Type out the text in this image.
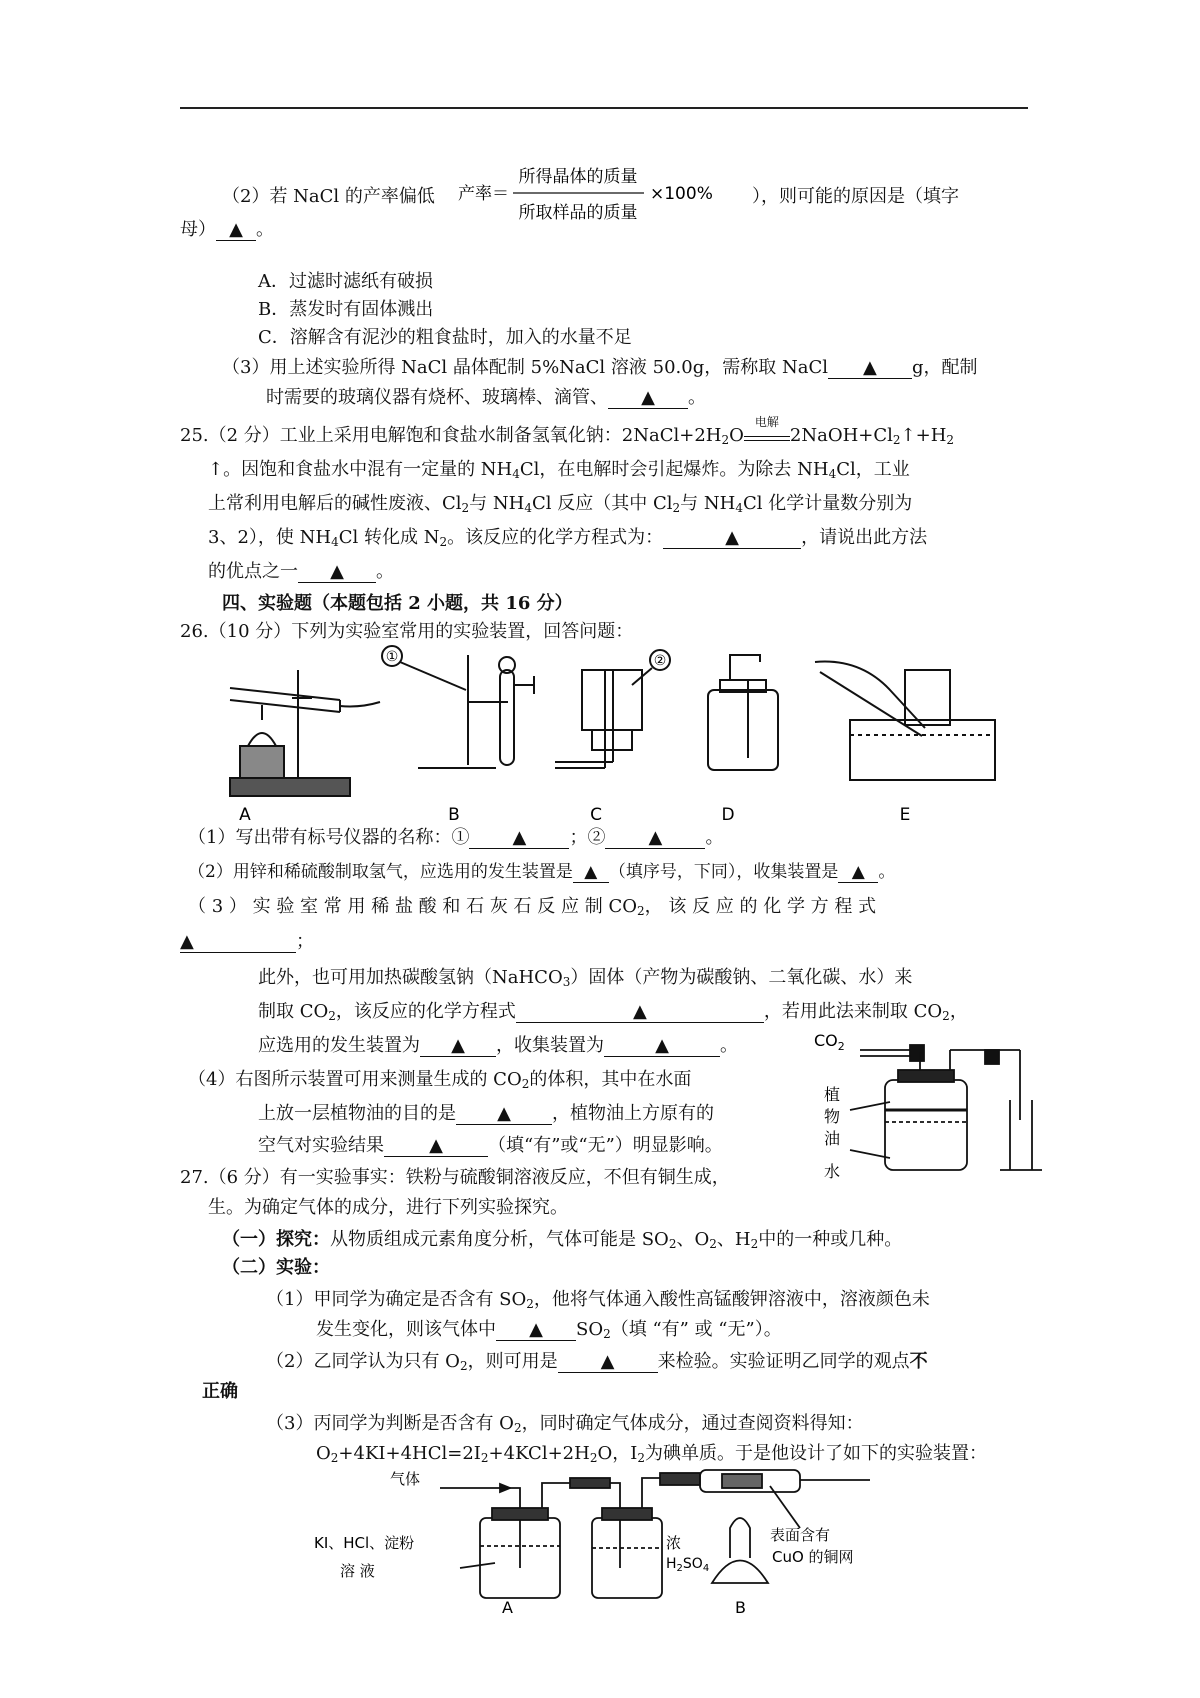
（2）若 NaCl 的产率偏低 产率＝
所得晶体的质量
所取样品的质量
×100% ），则可能的原因是（填字
母） ▲ 。
A．过滤时滤纸有破损
B．蒸发时有固体溅出
C．溶解含有泥沙的粗食盐时，加入的水量不足
（3）用上述实验所得 NaCl 晶体配制 5%NaCl 溶液 50.0g，需称取 NaCl ▲ g，配制
时需要的玻璃仪器有烧杯、玻璃棒、滴管、 ▲ 。
25.（2 分）工业上采用电解饱和食盐水制备氢氧化钠：$2NaCl+2H_2O$
电解
$2NaOH+Cl_2↑+H_2$
↑。因饱和食盐水中混有一定量的 $NH_4Cl$，在电解时会引起爆炸。为除去 $NH_4Cl$，工业
上常利用电解后的碱性废液、$Cl_2$与 $NH_4Cl$ 反应（其中 $Cl_2$与 $NH_4Cl$ 化学计量数分别为
3、2），使 $NH_4Cl$ 转化成 $N_2$。该反应的化学方程式为：	▲	，请说出此方法
的优点之一 ▲ 。
四、实验题（本题包括 2 小题，共 16 分）
26.（10 分）下列为实验室常用的实验装置，回答问题：
①	②
A	B	C	D	E
（1）写出带有标号仪器的名称：① ▲ ；② ▲ 。
（2）用锌和稀硫酸制取氢气，应选用的发生装置是 ▲ （填序号，下同），收集装置是 ▲ 。
（ 3 ） 实 验 室 常 用 稀 盐 酸 和 石 灰 石 反 应 制 $CO_2$， 该 反 应 的 化 学 方 程 式
▲	；
此外，也可用加热碳酸氢钠（NaHCO$_3$）固体（产物为碳酸钠、二氧化碳、水）来
制取 $CO_2$，该反应的化学方程式	▲	，若用此法来制取 $CO_2$，
应选用的发生装置为 ▲ ，收集装置为	▲	。
（4）右图所示装置可用来测量生成的 $CO_2$的体积，其中在水面
上放一层植物油的目的是 ▲ ，植物油上方原有的
空气对实验结果	▲	（填“有”或“无”）明显影响。
$CO_2$
植
物
油
水
27.（6 分）有一实验事实：铁粉与硫酸铜溶液反应，不但有铜生成，
生。为确定气体的成分，进行下列实验探究。
（一）探究：从物质组成元素角度分析，气体可能是 $SO_2$、$O_2$、$H_2$中的一种或几种。
（二）实验：
（1）甲同学为确定是否含有 $SO_2$，他将气体通入酸性高锰酸钾溶液中，溶液颜色未
发生变化，则该气体中 ▲ $SO_2$（填 “有” 或 “无”）。
（2）乙同学认为只有 $O_2$，则可用是 ▲ 来检验。实验证明乙同学的观点不
正确
（3）丙同学为判断是否含有 $O_2$，同时确定气体成分，通过查阅资料得知：
$O_2+4KI+4HCl=2I_2+4KCl+2H_2O$，$I_2$为碘单质。于是他设计了如下的实验装置：
气体
KI、HCl、淀粉
溶 液
浓
$H_2SO_4$
表面含有
CuO 的铜网
A	B
